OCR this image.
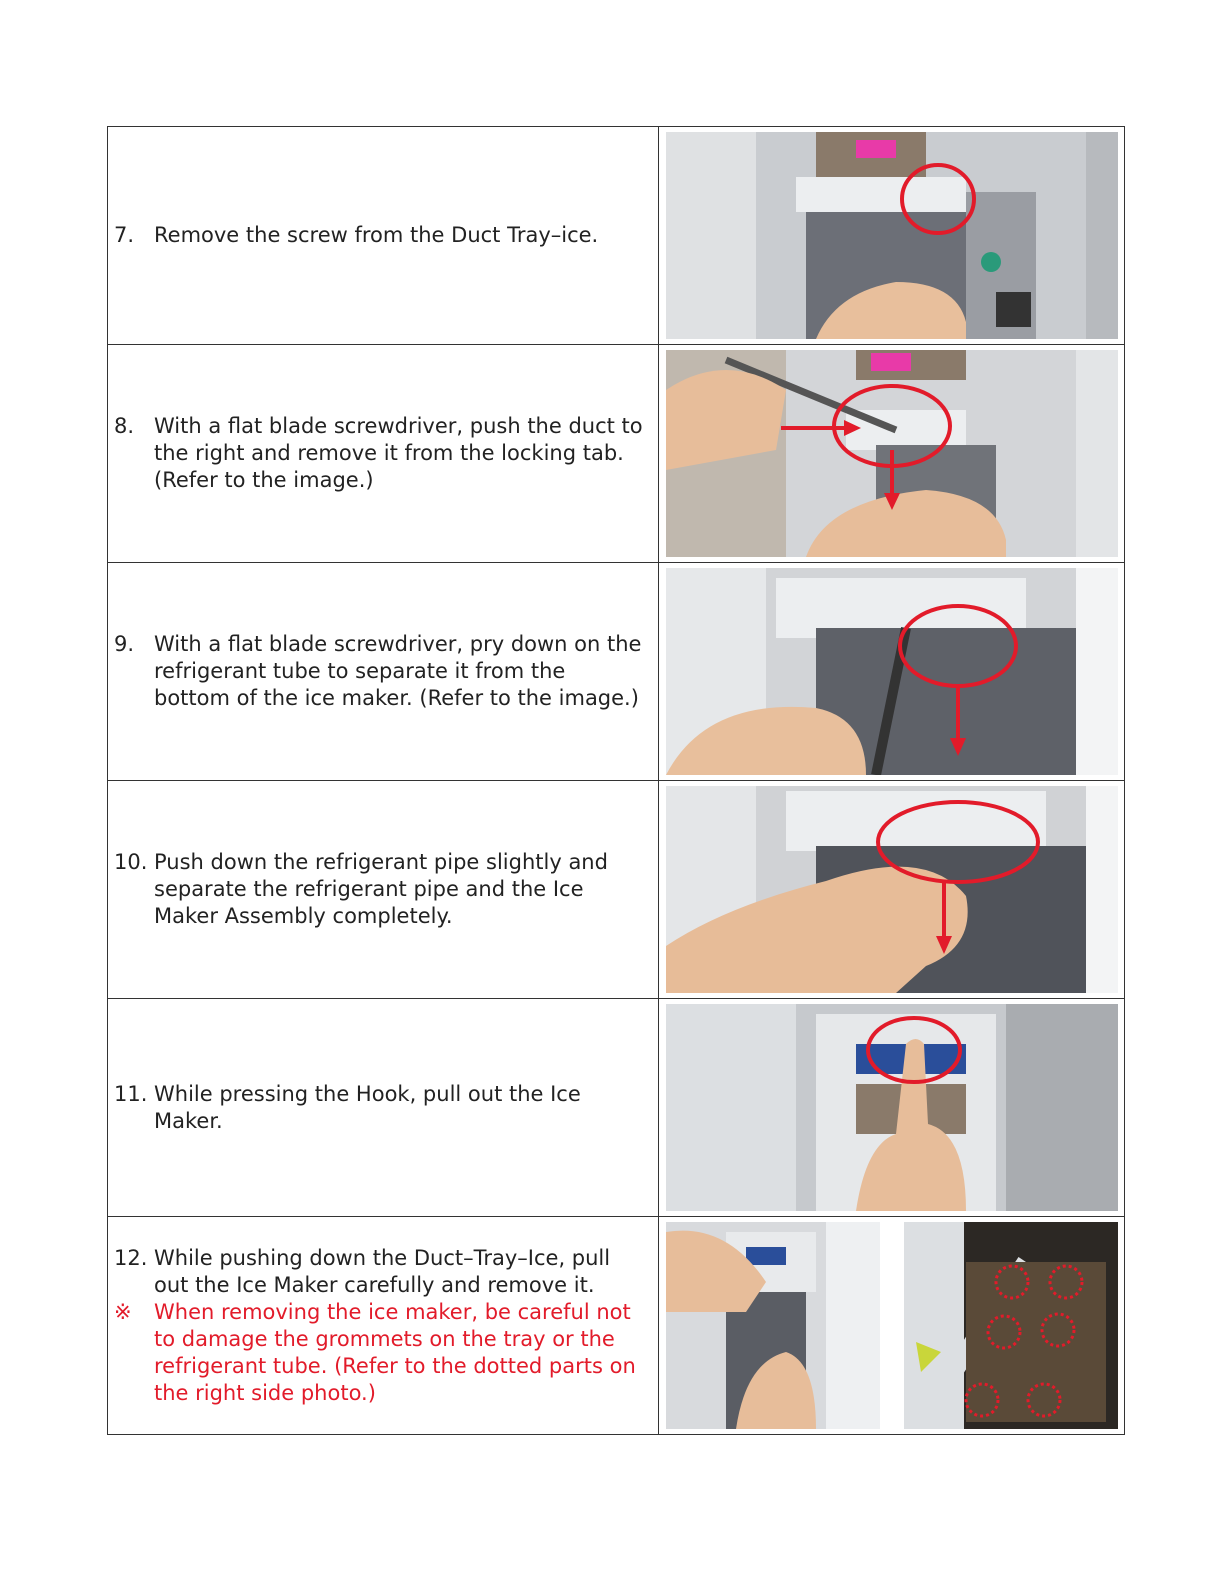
7. Remove the screw from the Duct Tray–ice.

8. With a flat blade screwdriver, push the duct to the right and remove it from the locking tab. (Refer to the image.)

9. With a flat blade screwdriver, pry down on the refrigerant tube to separate it from the bottom of the ice maker. (Refer to the image.)

10. Push down the refrigerant pipe slightly and separate the refrigerant pipe and the Ice Maker Assembly completely.

11. While pressing the Hook, pull out the Ice Maker.

12. While pushing down the Duct–Tray–Ice, pull out the Ice Maker carefully and remove it.
※ When removing the ice maker, be careful not to damage the grommets on the tray or the refrigerant tube. (Refer to the dotted parts on the right side photo.)
